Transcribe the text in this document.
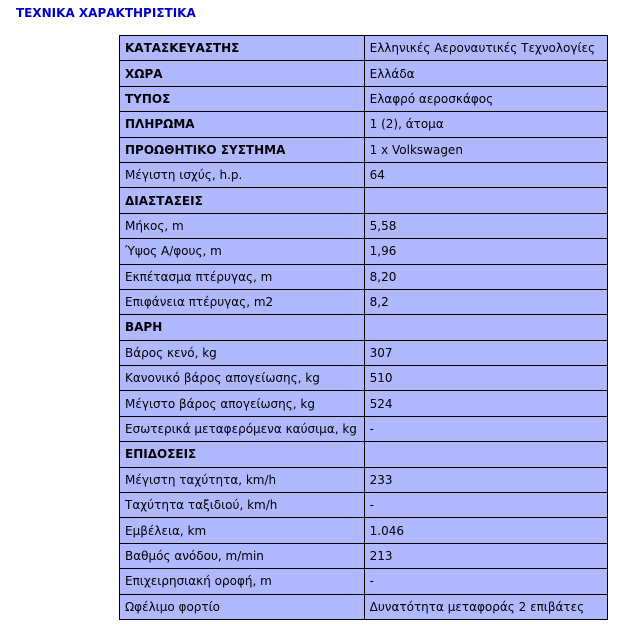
ΤΕΧΝΙΚΑ ΧΑΡΑΚΤΗΡΙΣΤΙΚΑ
ΚΑΤΑΣΚΕΥΑΣΤΗΣ	Ελληνικές Αεροναυτικές Τεχνολογίες
ΧΩΡΑ	Ελλάδα
ΤΥΠΟΣ	Ελαφρό αεροσκάφος
ΠΛΗΡΩΜΑ	1 (2), άτομα
ΠΡΟΩΘΗΤΙΚΟ ΣΥΣΤΗΜΑ	1 x Volkswagen
Μέγιστη ισχύς, h.p.	64
ΔΙΑΣΤΑΣΕΙΣ	
Μήκος, m	5,58
Ύψος Α/φους, m	1,96
Εκπέτασμα πτέρυγας, m	8,20
Επιφάνεια πτέρυγας, m2	8,2
ΒΑΡΗ	
Βάρος κενό, kg	307
Κανονικό βάρος απογείωσης, kg	510
Μέγιστο βάρος απογείωσης, kg	524
Εσωτερικά μεταφερόμενα καύσιμα, kg	-
ΕΠΙΔΟΣΕΙΣ	
Μέγιστη ταχύτητα, km/h	233
Ταχύτητα ταξιδιού, km/h	-
Εμβέλεια, km	1.046
Βαθμός ανόδου, m/min	213
Επιχειρησιακή οροφή, m	-
Ωφέλιμο φορτίο	Δυνατότητα μεταφοράς 2 επιβάτες
